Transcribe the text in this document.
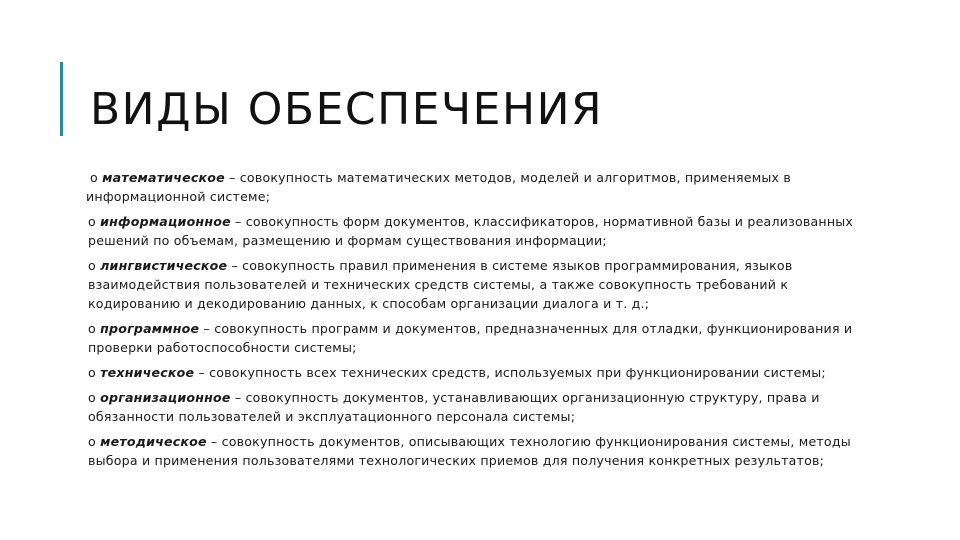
ВИДЫ ОБЕСПЕЧЕНИЯ
o математическое – совокупность математических методов, моделей и алгоритмов, применяемых в информационной системе;
o информационное – совокупность форм документов, классификаторов, нормативной базы и реализованных решений по объемам, размещению и формам существования информации;
o лингвистическое – совокупность правил применения в системе языков программирования, языков взаимодействия пользователей и технических средств системы, а также совокупность требований к кодированию и декодированию данных, к способам организации диалога и т. д.;
o программное – совокупность программ и документов, предназначенных для отладки, функционирования и проверки работоспособности системы;
o техническое – совокупность всех технических средств, используемых при функционировании системы;
o организационное – совокупность документов, устанавливающих организационную структуру, права и обязанности пользователей и эксплуатационного персонала системы;
o методическое – совокупность документов, описывающих технологию функционирования системы, методы выбора и применения пользователями технологических приемов для получения конкретных результатов;
